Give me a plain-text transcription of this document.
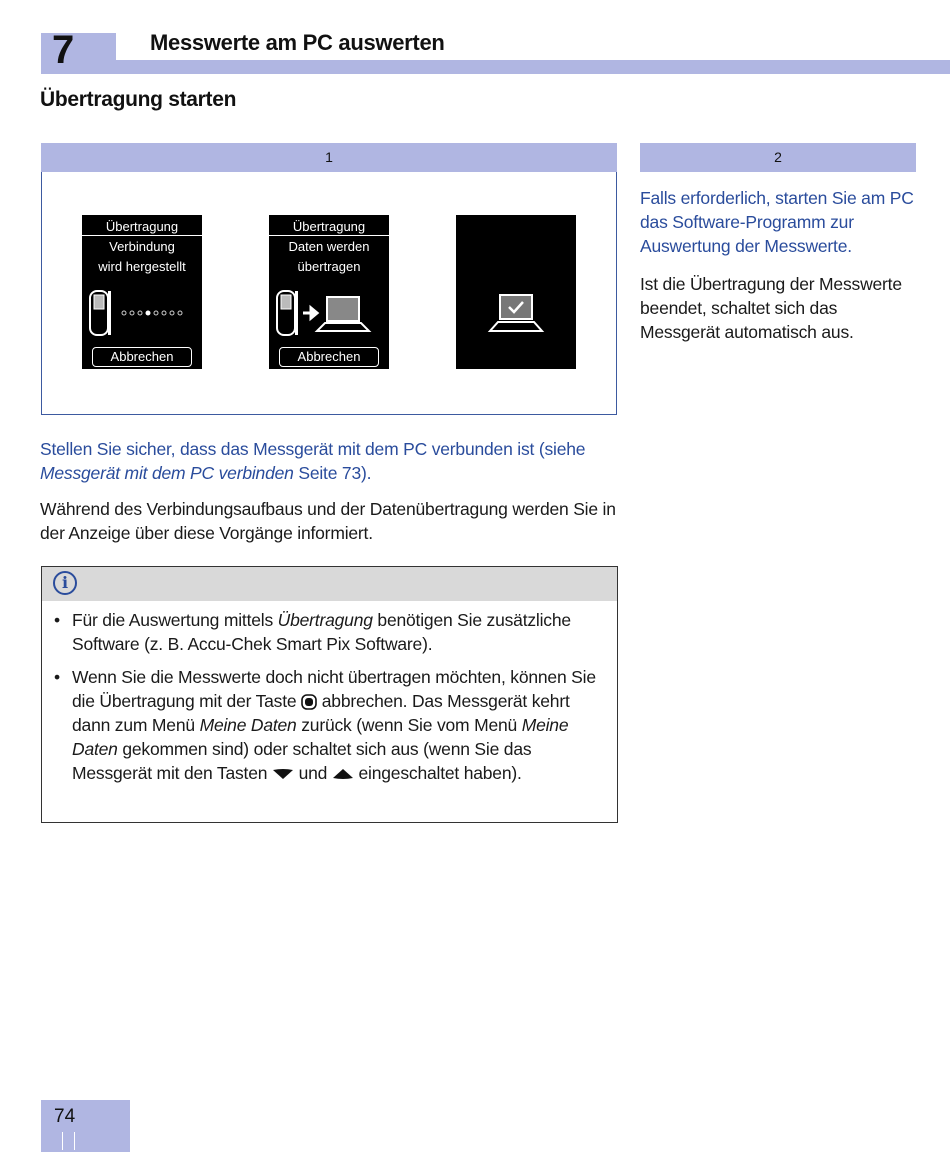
7	Messwerte am PC auswerten
Übertragung starten
1	2
Übertragung
Verbindung
wird hergestellt
Abbrechen
Übertragung
Daten werden
übertragen
Abbrechen
Stellen Sie sicher, dass das Messgerät mit dem PC verbunden ist (siehe Messgerät mit dem PC verbinden Seite 73).
Während des Verbindungsaufbaus und der Datenübertragung werden Sie in der Anzeige über diese Vorgänge informiert.
Falls erforderlich, starten Sie am PC das Software-Programm zur Auswertung der Messwerte.
Ist die Übertragung der Messwerte beendet, schaltet sich das Messgerät automatisch aus.
i
• Für die Auswertung mittels Übertragung benötigen Sie zusätzliche Software (z. B. Accu-Chek Smart Pix Software).
• Wenn Sie die Messwerte doch nicht übertragen möchten, können Sie die Übertragung mit der Taste  abbrechen. Das Messgerät kehrt dann zum Menü Meine Daten zurück (wenn Sie vom Menü Meine Daten gekommen sind) oder schaltet sich aus (wenn Sie das Messgerät mit den Tasten  und  eingeschaltet haben).
74
